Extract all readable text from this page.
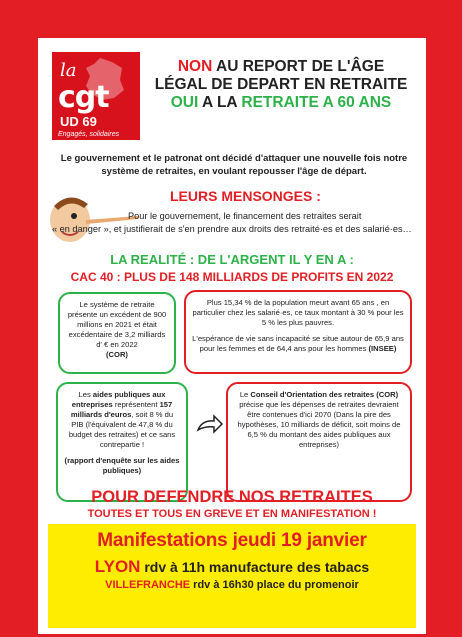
la
cgt
UD 69
Engagés, solidaires
NON AU REPORT DE L'ÂGE
LÉGAL DE DEPART EN RETRAITE
OUI A LA RETRAITE A 60 ANS
Le gouvernement et le patronat ont décidé d'attaquer une nouvelle fois notre système de retraites, en voulant repousser l'âge de départ.
LEURS MENSONGES :
Pour le gouvernement, le financement des retraites serait
« en danger », et justifierait de s'en prendre aux droits des retraité·es et des salarié·es…
LA REALITÉ : DE L'ARGENT IL Y EN A :
CAC 40 : PLUS DE 148 MILLIARDS DE PROFITS EN 2022
Le système de retraite présente un excédent de 900 millions en 2021 et était excédentaire de 3,2 milliards d' € en 2022
(COR)
Plus 15,34 % de la population meurt avant 65 ans , en particulier chez les salarié·es, ce taux montant à 30 % pour les 5 % les plus pauvres.
L'espérance de vie sans incapacité se situe autour de 65,9 ans pour les femmes et de 64,4 ans pour les hommes (INSEE)
Les aides publiques aux entreprises représentent 157 milliards d'euros, soit 8 % du PIB (l'équivalent de 47,8 % du budget des retraites) et ce sans contrepartie !
(rapport d'enquête sur les aides publiques)
Le Conseil d'Orientation des retraites (COR) précise que les dépenses de retraites devraient être contenues d'ici 2070 (Dans la pire des hypothèses, 10 milliards de déficit, soit moins de 6,5 % du montant des aides publiques aux entreprises)
POUR DEFENDRE NOS RETRAITES
TOUTES ET TOUS EN GREVE ET EN MANIFESTATION !
Manifestations jeudi 19 janvier
LYON rdv à 11h manufacture des tabacs
VILLEFRANCHE rdv à 16h30 place du promenoir
